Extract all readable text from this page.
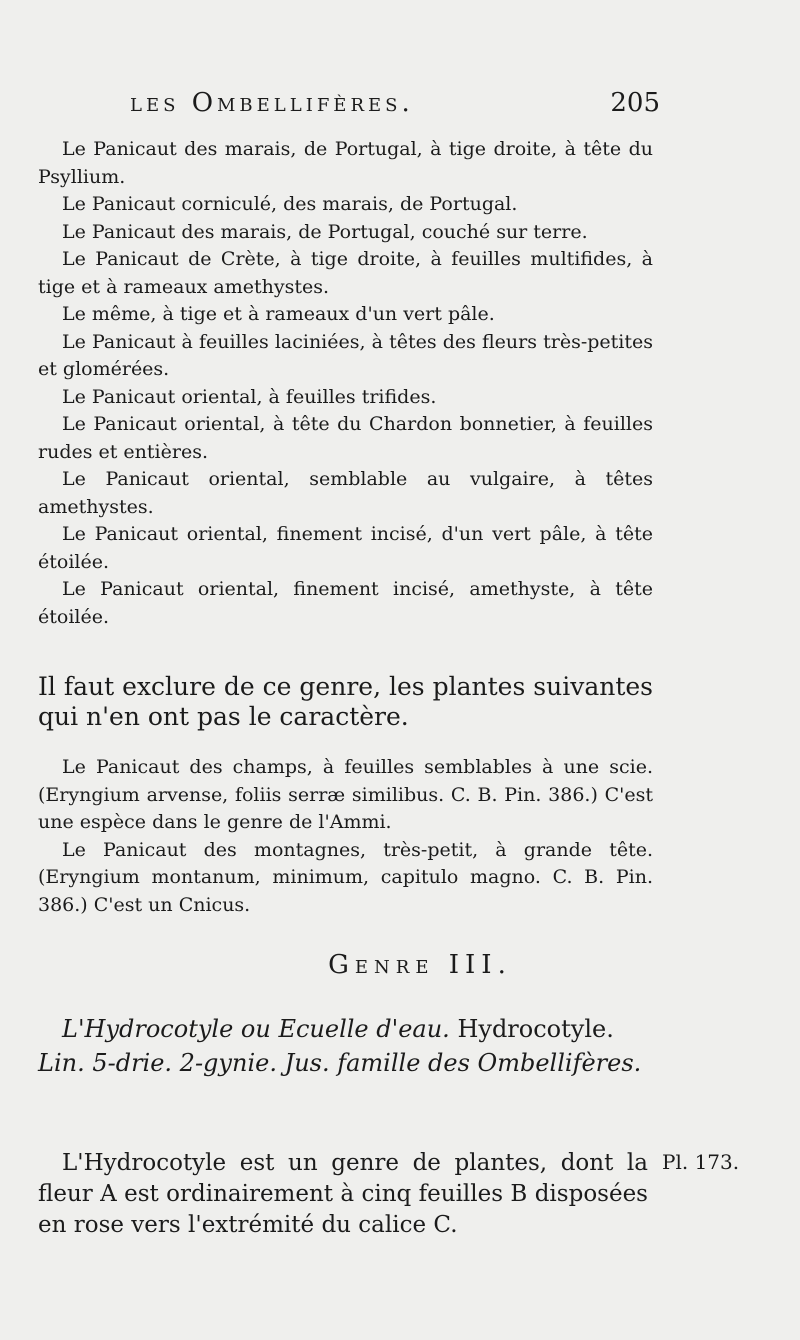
les Ombellifères.	205

Le Panicaut des marais, de Portugal, à tige droite, à tête du Psyllium.

Le Panicaut corniculé, des marais, de Portugal.

Le Panicaut des marais, de Portugal, couché sur terre.

Le Panicaut de Crète, à tige droite, à feuilles multifides, à tige et à rameaux amethystes.

Le même, à tige et à rameaux d'un vert pâle.

Le Panicaut à feuilles laciniées, à têtes des fleurs très-petites et glomérées.

Le Panicaut oriental, à feuilles trifides.

Le Panicaut oriental, à tête du Chardon bonnetier, à feuilles rudes et entières.

Le Panicaut oriental, semblable au vulgaire, à têtes amethystes.

Le Panicaut oriental, finement incisé, d'un vert pâle, à tête étoilée.

Le Panicaut oriental, finement incisé, amethyste, à tête étoilée.

Il faut exclure de ce genre, les plantes suivantes qui n'en ont pas le caractère.

Le Panicaut des champs, à feuilles semblables à une scie. (Eryngium arvense, foliis serræ similibus. C. B. Pin. 386.) C'est une espèce dans le genre de l'Ammi.

Le Panicaut des montagnes, très-petit, à grande tête. (Eryngium montanum, minimum, capitulo magno. C. B. Pin. 386.) C'est un Cnicus.

Genre III.

L'Hydrocotyle ou Ecuelle d'eau. Hydrocotyle. Lin. 5-drie. 2-gynie. Jus. famille des Ombellifères.

L'Hydrocotyle est un genre de plantes, dont la fleur A est ordinairement à cinq feuilles B disposées en rose vers l'extrémité du calice C.

Pl. 173.
